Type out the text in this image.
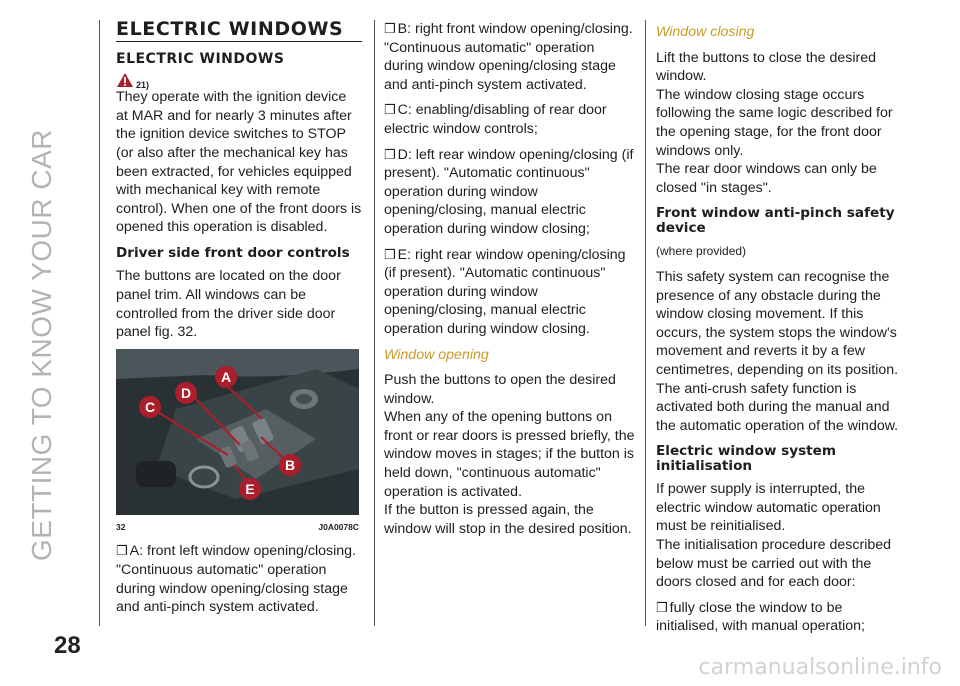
GETTING TO KNOW YOUR CAR
28
ELECTRIC WINDOWS
ELECTRIC WINDOWS
21)

They operate with the ignition device at MAR and for nearly 3 minutes after the ignition device switches to STOP (or also after the mechanical key has been extracted, for vehicles equipped with mechanical key with remote control). When one of the front doors is opened this operation is disabled.

Driver side front door controls

The buttons are located on the door panel trim. All windows can be controlled from the driver side door panel fig. 32.

A
B
C
D
E
32	J0A0078C

❒ A: front left window opening/closing. "Continuous automatic" operation during window opening/closing stage and anti-pinch system activated.

❒ B: right front window opening/closing. "Continuous automatic" operation during window opening/closing stage and anti-pinch system activated.

❒ C: enabling/disabling of rear door electric window controls;

❒ D: left rear window opening/closing (if present). "Automatic continuous" operation during window opening/closing, manual electric operation during window closing;

❒ E: right rear window opening/closing (if present). "Automatic continuous" operation during window opening/closing, manual electric operation during window closing.

Window opening

Push the buttons to open the desired window.

When any of the opening buttons on front or rear doors is pressed briefly, the window moves in stages; if the button is held down, "continuous automatic" operation is activated.

If the button is pressed again, the window will stop in the desired position.

Window closing

Lift the buttons to close the desired window.

The window closing stage occurs following the same logic described for the opening stage, for the front door windows only.

The rear door windows can only be closed "in stages".

Front window anti-pinch safety device

(where provided)

This safety system can recognise the presence of any obstacle during the window closing movement. If this occurs, the system stops the window's movement and reverts it by a few centimetres, depending on its position. The anti-crush safety function is activated both during the manual and the automatic operation of the window.

Electric window system initialisation

If power supply is interrupted, the electric window automatic operation must be reinitialised.

The initialisation procedure described below must be carried out with the doors closed and for each door:

❒ fully close the window to be initialised, with manual operation;

carmanualsonline.info
